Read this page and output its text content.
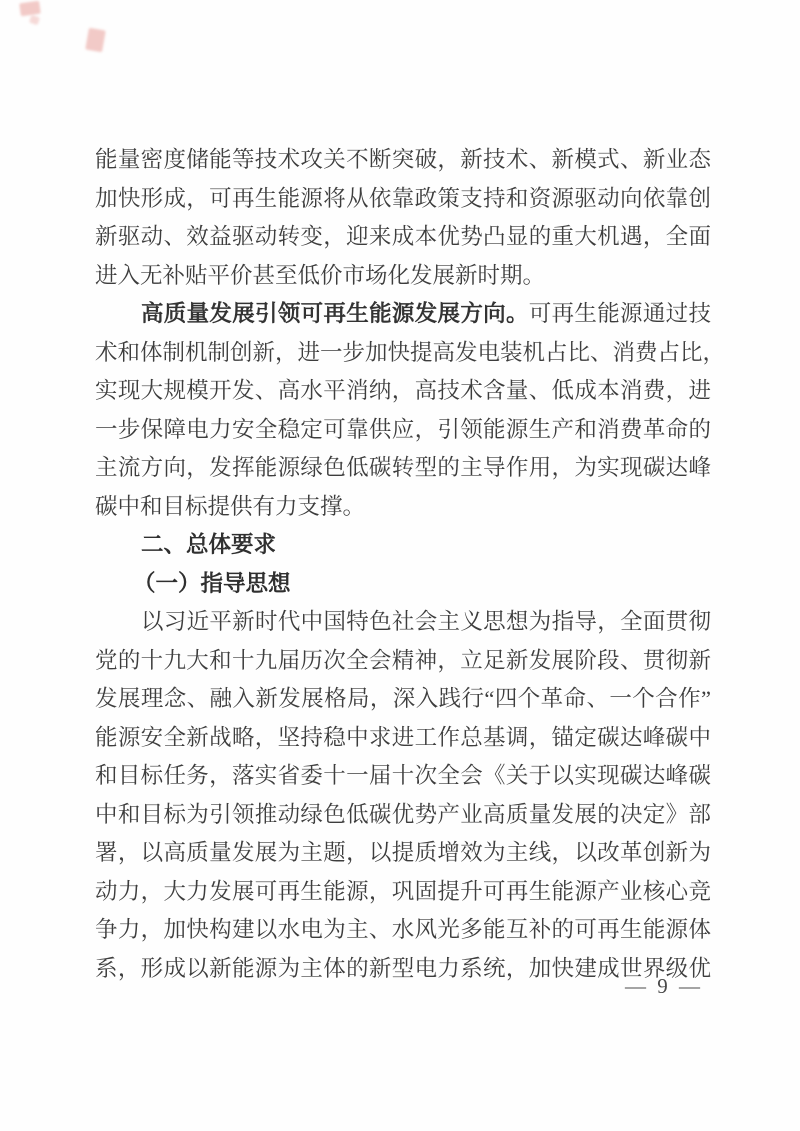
能量密度储能等技术攻关不断突破，新技术、新模式、新业态
加快形成，可再生能源将从依靠政策支持和资源驱动向依靠创
新驱动、效益驱动转变，迎来成本优势凸显的重大机遇，全面
进入无补贴平价甚至低价市场化发展新时期。
高质量发展引领可再生能源发展方向。可再生能源通过技
术和体制机制创新，进一步加快提高发电装机占比、消费占比，
实现大规模开发、高水平消纳，高技术含量、低成本消费，进
一步保障电力安全稳定可靠供应，引领能源生产和消费革命的
主流方向，发挥能源绿色低碳转型的主导作用，为实现碳达峰
碳中和目标提供有力支撑。
二、总体要求
（一）指导思想
以习近平新时代中国特色社会主义思想为指导，全面贯彻
党的十九大和十九届历次全会精神，立足新发展阶段、贯彻新
发展理念、融入新发展格局，深入践行“四个革命、一个合作”
能源安全新战略，坚持稳中求进工作总基调，锚定碳达峰碳中
和目标任务，落实省委十一届十次全会《关于以实现碳达峰碳
中和目标为引领推动绿色低碳优势产业高质量发展的决定》部
署，以高质量发展为主题，以提质增效为主线，以改革创新为
动力，大力发展可再生能源，巩固提升可再生能源产业核心竞
争力，加快构建以水电为主、水风光多能互补的可再生能源体
系，形成以新能源为主体的新型电力系统，加快建成世界级优
— 9 —
